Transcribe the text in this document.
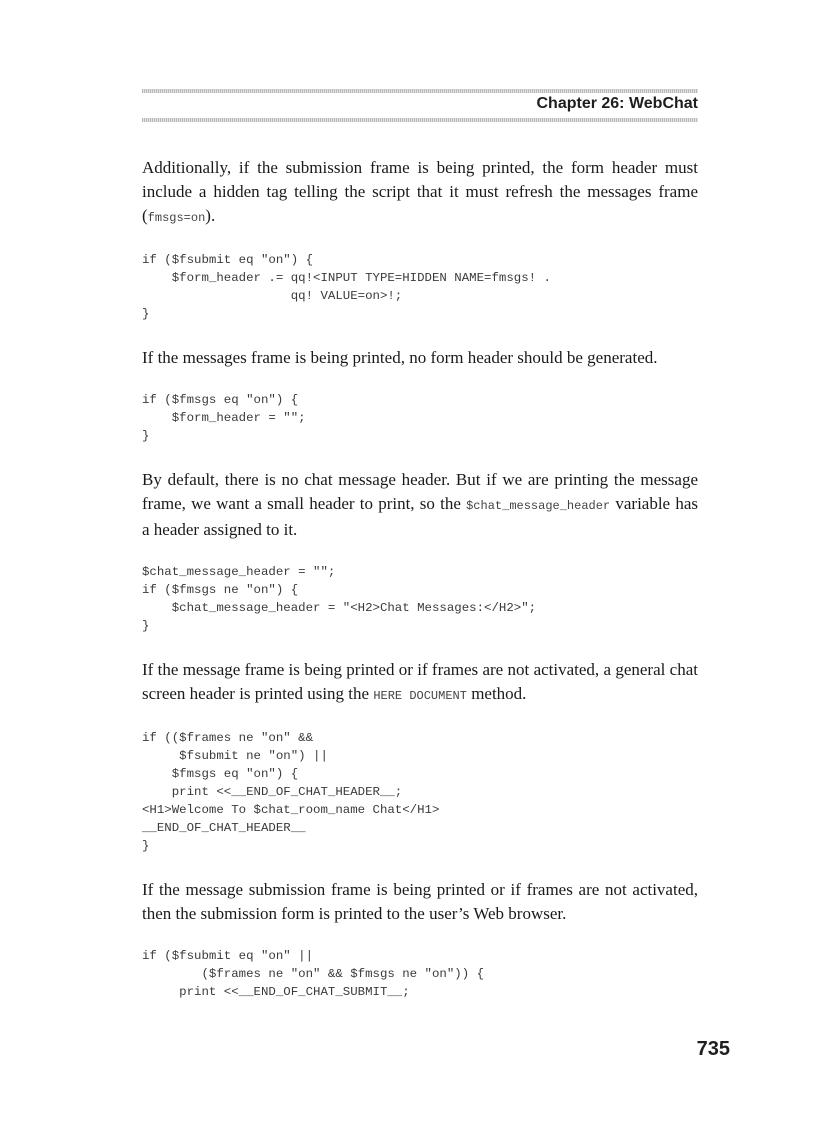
Chapter 26: WebChat

Additionally, if the submission frame is being printed, the form header must include a hidden tag telling the script that it must refresh the messages frame (fmsgs=on).

if ($fsubmit eq "on") {
$form_header .= qq!<INPUT TYPE=HIDDEN NAME=fmsgs! .
qq! VALUE=on>!;
}

If the messages frame is being printed, no form header should be generated.

if ($fmsgs eq "on") {
$form_header = "";
}

By default, there is no chat message header. But if we are printing the message frame, we want a small header to print, so the $chat_message_header variable has a header assigned to it.

$chat_message_header = "";
if ($fmsgs ne "on") {
$chat_message_header = "<H2>Chat Messages:</H2>";
}

If the message frame is being printed or if frames are not activated, a general chat screen header is printed using the HERE DOCUMENT method.

if (($frames ne "on" &&
$fsubmit ne "on") ||
$fmsgs eq "on") {
print <<__END_OF_CHAT_HEADER__;
<H1>Welcome To $chat_room_name Chat</H1>
__END_OF_CHAT_HEADER__
}

If the message submission frame is being printed or if frames are not activated, then the submission form is printed to the user’s Web browser.

if ($fsubmit eq "on" ||
($frames ne "on" && $fmsgs ne "on")) {
print <<__END_OF_CHAT_SUBMIT__;
735
